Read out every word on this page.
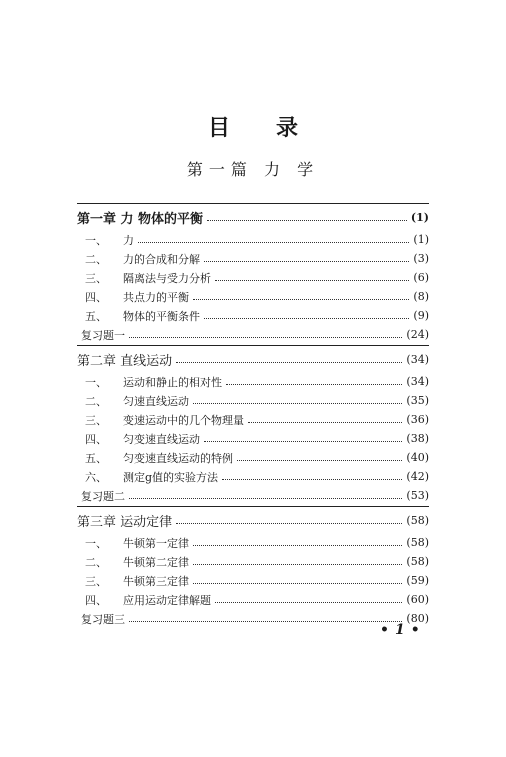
目录
第一篇 力 学
第一章 力 物体的平衡	(1)
一、	力	(1)
二、	力的合成和分解	(3)
三、	隔离法与受力分析	(6)
四、	共点力的平衡	(8)
五、	物体的平衡条件	(9)
复习题一	(24)
第二章 直线运动	(34)
一、	运动和静止的相对性	(34)
二、	匀速直线运动	(35)
三、	变速运动中的几个物理量	(36)
四、	匀变速直线运动	(38)
五、	匀变速直线运动的特例	(40)
六、	测定g值的实验方法	(42)
复习题二	(53)
第三章 运动定律	(58)
一、	牛顿第一定律	(58)
二、	牛顿第二定律	(58)
三、	牛顿第三定律	(59)
四、	应用运动定律解题	(60)
复习题三	(80)
•1•
